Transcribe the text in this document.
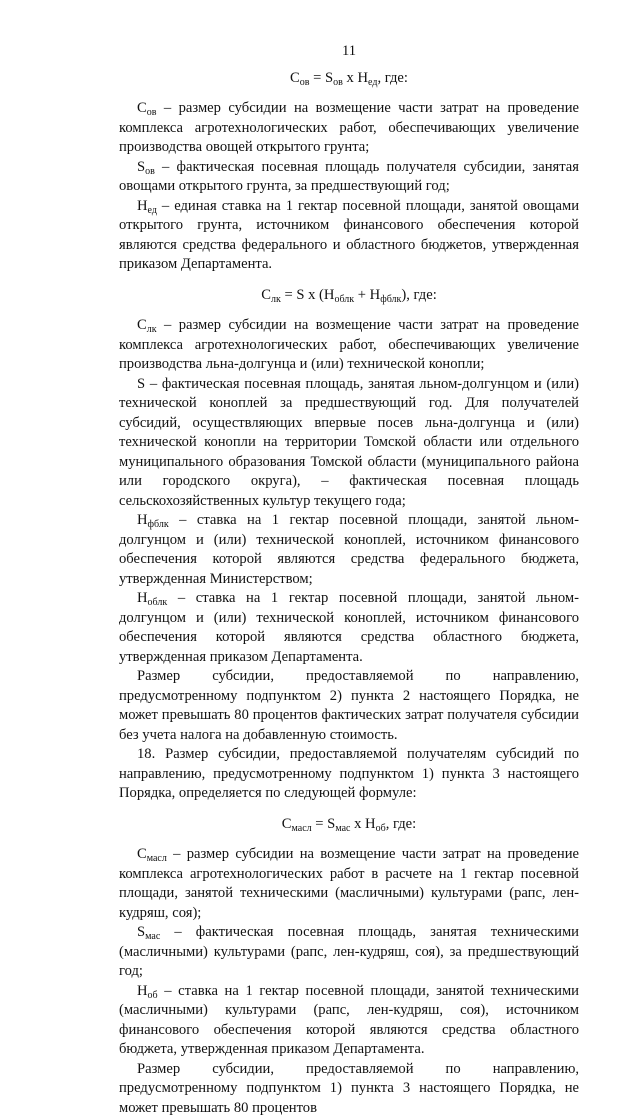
11
$С_{ов} = S_{ов}$ x $Н_{ед}$, где:

$С_{ов}$ – размер субсидии на возмещение части затрат на проведение комплекса агротехнологических работ, обеспечивающих увеличение производства овощей открытого грунта;

$S_{ов}$ – фактическая посевная площадь получателя субсидии, занятая овощами открытого грунта, за предшествующий год;

$Н_{ед}$ – единая ставка на 1 гектар посевной площади, занятой овощами открытого грунта, источником финансового обеспечения которой являются средства федерального и областного бюджетов, утвержденная приказом Департамента.

$С_{лк} = S$ x $(Н_{облк} + Н_{фблк})$, где:

$С_{лк}$ – размер субсидии на возмещение части затрат на проведение комплекса агротехнологических работ, обеспечивающих увеличение производства льна-долгунца и (или) технической конопли;

S – фактическая посевная площадь, занятая льном-долгунцом и (или) технической коноплей за предшествующий год. Для получателей субсидий, осуществляющих впервые посев льна-долгунца и (или) технической конопли на территории Томской области или отдельного муниципального образования Томской области (муниципального района или городского округа), – фактическая посевная площадь сельскохозяйственных культур текущего года;

$Н_{фблк}$ – ставка на 1 гектар посевной площади, занятой льном-долгунцом и (или) технической коноплей, источником финансового обеспечения которой являются средства федерального бюджета, утвержденная Министерством;

$Н_{облк}$ – ставка на 1 гектар посевной площади, занятой льном-долгунцом и (или) технической коноплей, источником финансового обеспечения которой являются средства областного бюджета, утвержденная приказом Департамента.

Размер субсидии, предоставляемой по направлению, предусмотренному подпунктом 2) пункта 2 настоящего Порядка, не может превышать 80 процентов фактических затрат получателя субсидии без учета налога на добавленную стоимость.

18. Размер субсидии, предоставляемой получателям субсидий по направлению, предусмотренному подпунктом 1) пункта 3 настоящего Порядка, определяется по следующей формуле:

$С_{масл} = S_{мас}$ x $Н_{об}$, где:

$С_{масл}$ – размер субсидии на возмещение части затрат на проведение комплекса агротехнологических работ в расчете на 1 гектар посевной площади, занятой техническими (масличными) культурами (рапс, лен-кудряш, соя);

$S_{мас}$ – фактическая посевная площадь, занятая техническими (масличными) культурами (рапс, лен-кудряш, соя), за предшествующий год;

$Н_{об}$ – ставка на 1 гектар посевной площади, занятой техническими (масличными) культурами (рапс, лен-кудряш, соя), источником финансового обеспечения которой являются средства областного бюджета, утвержденная приказом Департамента.

Размер субсидии, предоставляемой по направлению, предусмотренному подпунктом 1) пункта 3 настоящего Порядка, не может превышать 80 процентов
